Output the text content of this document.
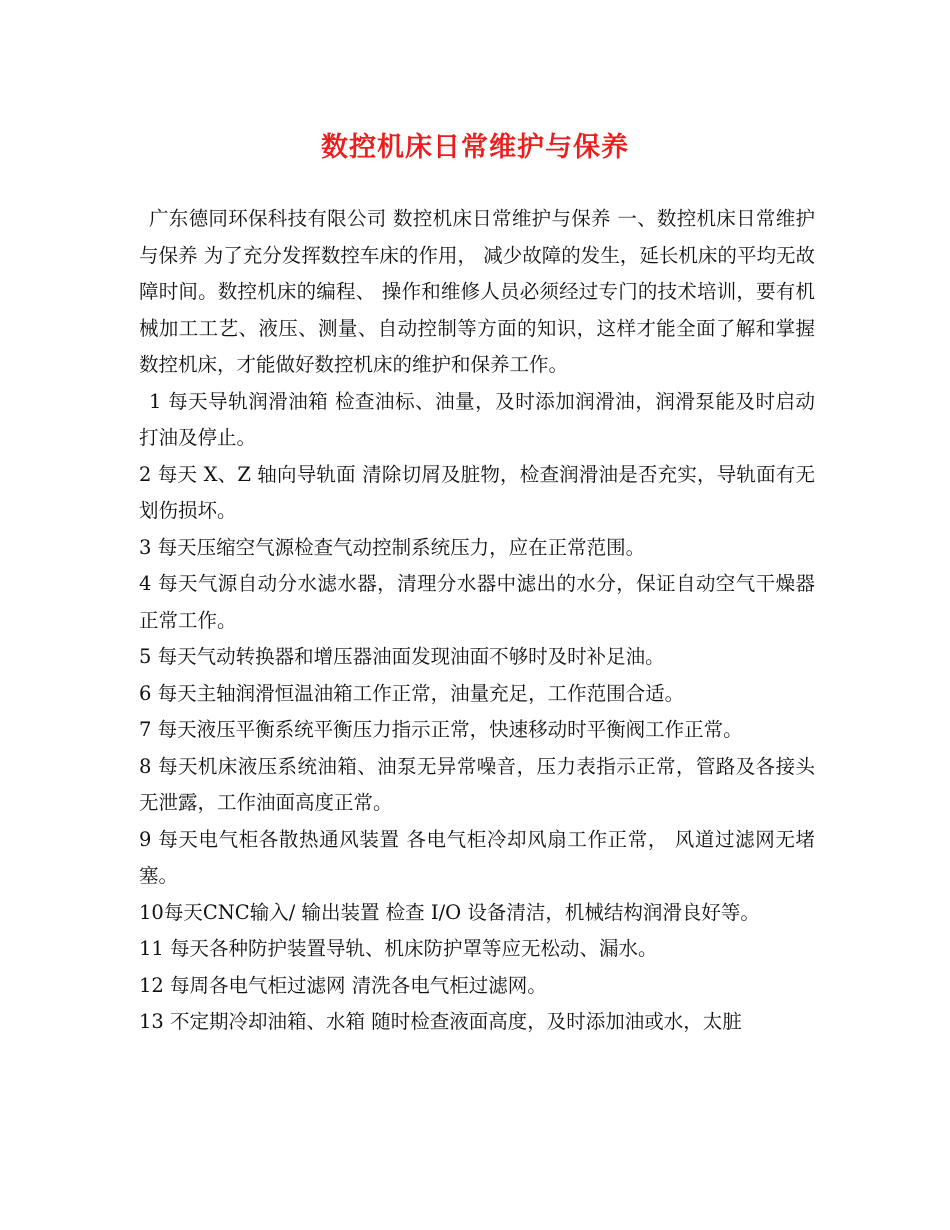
数控机床日常维护与保养

广东德同环保科技有限公司 数控机床日常维护与保养 一、数控机床日常维护与保养 为了充分发挥数控车床的作用， 减少故障的发生，延长机床的平均无故障时间。数控机床的编程、 操作和维修人员必须经过专门的技术培训，要有机械加工工艺、液压、测量、自动控制等方面的知识，这样才能全面了解和掌握数控机床，才能做好数控机床的维护和保养工作。

1 每天导轨润滑油箱 检查油标、油量，及时添加润滑油，润滑泵能及时启动打油及停止。

2 每天 X、Z 轴向导轨面 清除切屑及脏物，检查润滑油是否充实，导轨面有无划伤损坏。

3 每天压缩空气源检查气动控制系统压力，应在正常范围。

4 每天气源自动分水滤水器，清理分水器中滤出的水分，保证自动空气干燥器正常工作。

5 每天气动转换器和增压器油面发现油面不够时及时补足油。

6 每天主轴润滑恒温油箱工作正常，油量充足，工作范围合适。

7 每天液压平衡系统平衡压力指示正常，快速移动时平衡阀工作正常。

8 每天机床液压系统油箱、油泵无异常噪音，压力表指示正常，管路及各接头无泄露，工作油面高度正常。

9 每天电气柜各散热通风装置 各电气柜冷却风扇工作正常， 风道过滤网无堵塞。

10每天CNC输入/ 输出装置 检查 I/O 设备清洁，机械结构润滑良好等。

11 每天各种防护装置导轨、机床防护罩等应无松动、漏水。

12 每周各电气柜过滤网 清洗各电气柜过滤网。

13 不定期冷却油箱、水箱 随时检查液面高度，及时添加油或水，太脏
